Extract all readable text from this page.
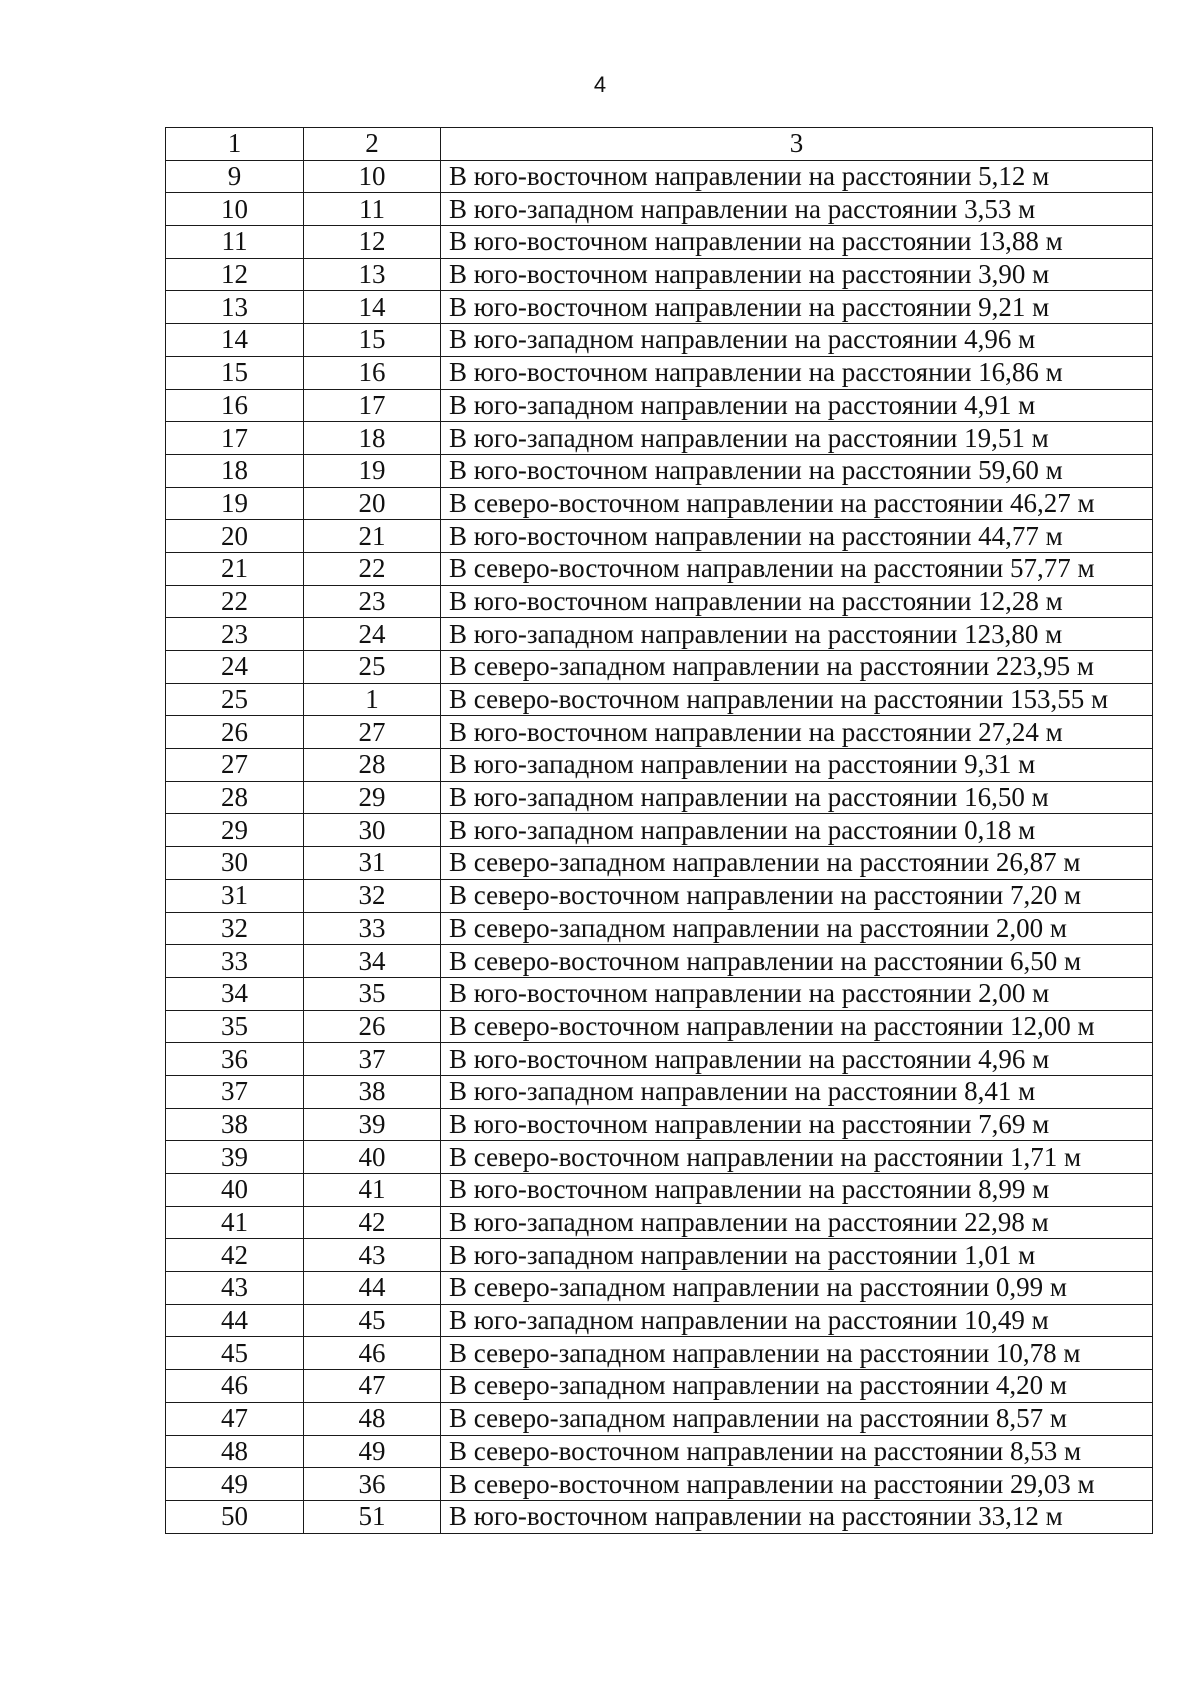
4
1	2	3
9	10	В юго-восточном направлении на расстоянии 5,12 м
10	11	В юго-западном направлении на расстоянии 3,53 м
11	12	В юго-восточном направлении на расстоянии 13,88 м
12	13	В юго-восточном направлении на расстоянии 3,90 м
13	14	В юго-восточном направлении на расстоянии 9,21 м
14	15	В юго-западном направлении на расстоянии 4,96 м
15	16	В юго-восточном направлении на расстоянии 16,86 м
16	17	В юго-западном направлении на расстоянии 4,91 м
17	18	В юго-западном направлении на расстоянии 19,51 м
18	19	В юго-восточном направлении на расстоянии 59,60 м
19	20	В северо-восточном направлении на расстоянии 46,27 м
20	21	В юго-восточном направлении на расстоянии 44,77 м
21	22	В северо-восточном направлении на расстоянии 57,77 м
22	23	В юго-восточном направлении на расстоянии 12,28 м
23	24	В юго-западном направлении на расстоянии 123,80 м
24	25	В северо-западном направлении на расстоянии 223,95 м
25	1	В северо-восточном направлении на расстоянии 153,55 м
26	27	В юго-восточном направлении на расстоянии 27,24 м
27	28	В юго-западном направлении на расстоянии 9,31 м
28	29	В юго-западном направлении на расстоянии 16,50 м
29	30	В юго-западном направлении на расстоянии 0,18 м
30	31	В северо-западном направлении на расстоянии 26,87 м
31	32	В северо-восточном направлении на расстоянии 7,20 м
32	33	В северо-западном направлении на расстоянии 2,00 м
33	34	В северо-восточном направлении на расстоянии 6,50 м
34	35	В юго-восточном направлении на расстоянии 2,00 м
35	26	В северо-восточном направлении на расстоянии 12,00 м
36	37	В юго-восточном направлении на расстоянии 4,96 м
37	38	В юго-западном направлении на расстоянии 8,41 м
38	39	В юго-восточном направлении на расстоянии 7,69 м
39	40	В северо-восточном направлении на расстоянии 1,71 м
40	41	В юго-восточном направлении на расстоянии 8,99 м
41	42	В юго-западном направлении на расстоянии 22,98 м
42	43	В юго-западном направлении на расстоянии 1,01 м
43	44	В северо-западном направлении на расстоянии 0,99 м
44	45	В юго-западном направлении на расстоянии 10,49 м
45	46	В северо-западном направлении на расстоянии 10,78 м
46	47	В северо-западном направлении на расстоянии 4,20 м
47	48	В северо-западном направлении на расстоянии 8,57 м
48	49	В северо-восточном направлении на расстоянии 8,53 м
49	36	В северо-восточном направлении на расстоянии 29,03 м
50	51	В юго-восточном направлении на расстоянии 33,12 м
